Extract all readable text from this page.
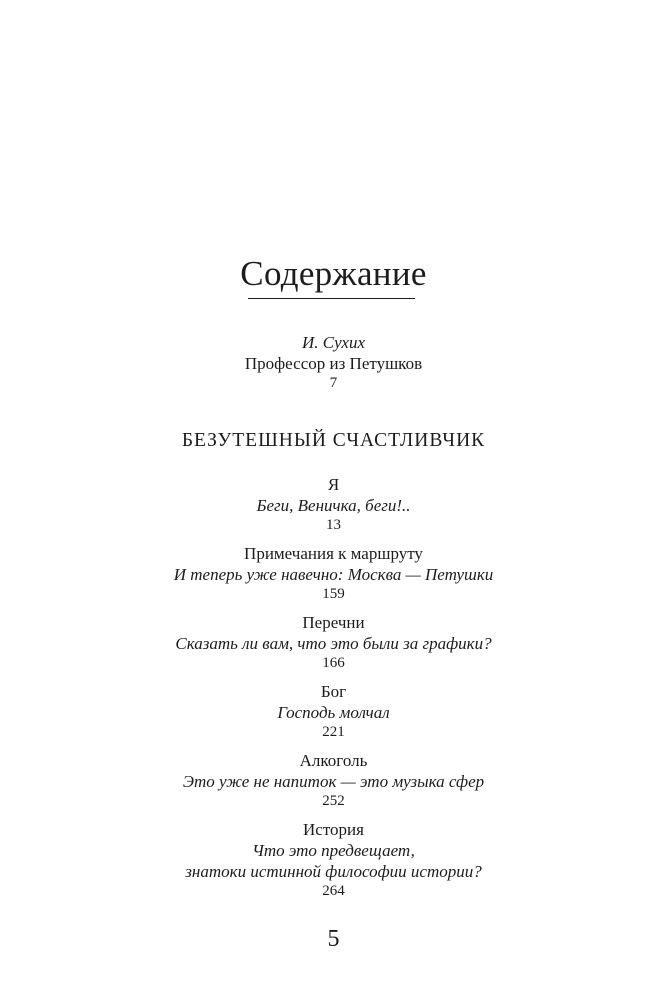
Содержание
И. Сухих
Профессор из Петушков
7
БЕЗУТЕШНЫЙ СЧАСТЛИВЧИК
Я
Беги, Веничка, беги!..
13
Примечания к маршруту
И теперь уже навечно: Москва — Петушки
159
Перечни
Сказать ли вам, что это были за графики?
166
Бог
Господь молчал
221
Алкоголь
Это уже не напиток — это музыка сфер
252
История
Что это предвещает,
знатоки истинной философии истории?
264
5
